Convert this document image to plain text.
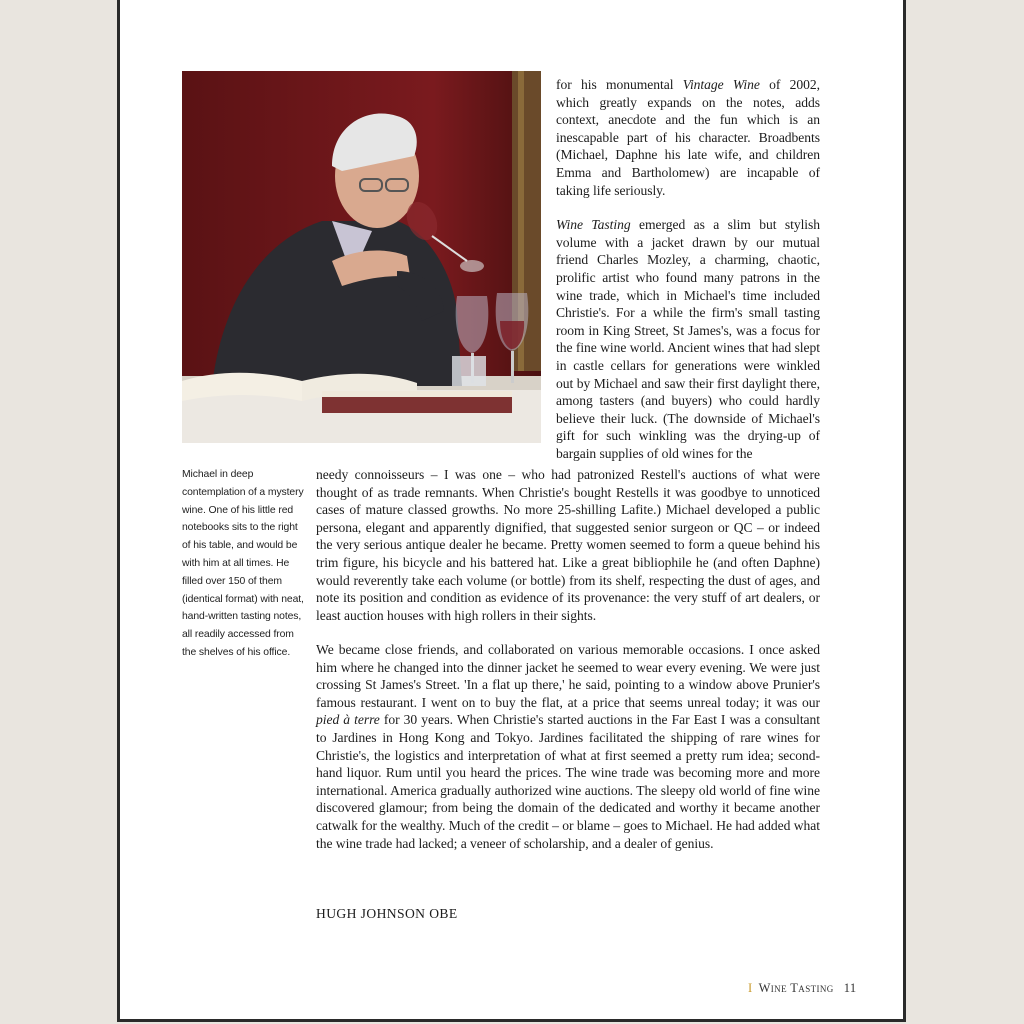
Michael in deep contemplation of a mystery wine. One of his little red notebooks sits to the right of his table, and would be with him at all times. He filled over 150 of them (identical format) with neat, hand-written tasting notes, all readily accessed from the shelves of his office.

for his monumental Vintage Wine of 2002, which greatly expands on the notes, adds context, anecdote and the fun which is an inescapable part of his character. Broadbents (Michael, Daphne his late wife, and children Emma and Bartholomew) are incapable of taking life seriously.

Wine Tasting emerged as a slim but stylish volume with a jacket drawn by our mutual friend Charles Mozley, a charming, chaotic, prolific artist who found many patrons in the wine trade, which in Michael's time included Christie's. For a while the firm's small tasting room in King Street, St James's, was a focus for the fine wine world. Ancient wines that had slept in castle cellars for generations were winkled out by Michael and saw their first daylight there, among tasters (and buyers) who could hardly believe their luck. (The downside of Michael's gift for such winkling was the drying-up of bargain supplies of old wines for the

needy connoisseurs – I was one – who had patronized Restell's auctions of what were thought of as trade remnants. When Christie's bought Restells it was goodbye to unnoticed cases of mature classed growths. No more 25-shilling Lafite.) Michael developed a public persona, elegant and apparently dignified, that suggested senior surgeon or QC – or indeed the very serious antique dealer he became. Pretty women seemed to form a queue behind his trim figure, his bicycle and his battered hat. Like a great bibliophile he (and often Daphne) would reverently take each volume (or bottle) from its shelf, respecting the dust of ages, and note its position and condition as evidence of its provenance: the very stuff of art dealers, or least auction houses with high rollers in their sights.

We became close friends, and collaborated on various memorable occasions. I once asked him where he changed into the dinner jacket he seemed to wear every evening. We were just crossing St James's Street. 'In a flat up there,' he said, pointing to a window above Prunier's famous restaurant. I went on to buy the flat, at a price that seems unreal today; it was our pied à terre for 30 years. When Christie's started auctions in the Far East I was a consultant to Jardines in Hong Kong and Tokyo. Jardines facilitated the shipping of rare wines for Christie's, the logistics and interpretation of what at first seemed a pretty rum idea; second-hand liquor. Rum until you heard the prices. The wine trade was becoming more and more international. America gradually authorized wine auctions. The sleepy old world of fine wine discovered glamour; from being the domain of the dedicated and worthy it became another catwalk for the wealthy. Much of the credit – or blame – goes to Michael. He had added what the wine trade had lacked; a veneer of scholarship, and a dealer of genius.

HUGH JOHNSON OBE
I Wine Tasting 11
